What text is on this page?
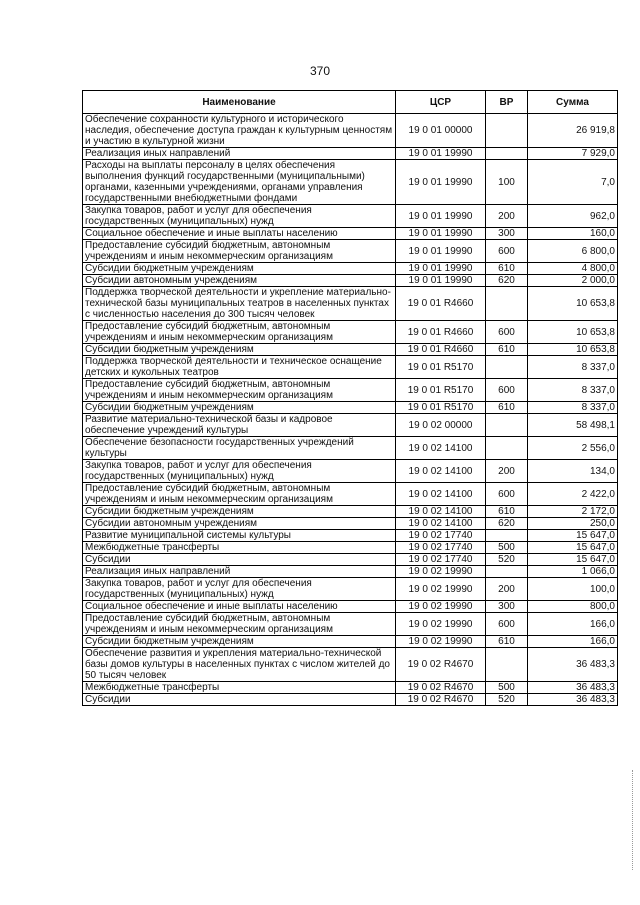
370
Наименование	ЦСР	ВР	Сумма
Обеспечение сохранности культурного и исторического наследия, обеспечение доступа граждан к культурным ценностям и участию в культурной жизни	19 0 01 00000		26 919,8
Реализация иных направлений	19 0 01 19990		7 929,0
Расходы на выплаты персоналу в целях обеспечения выполнения функций государственными (муниципальными) органами, казенными учреждениями, органами управления государственными внебюджетными фондами	19 0 01 19990	100	7,0
Закупка товаров, работ и услуг для обеспечения государственных (муниципальных) нужд	19 0 01 19990	200	962,0
Социальное обеспечение и иные выплаты населению	19 0 01 19990	300	160,0
Предоставление субсидий бюджетным, автономным учреждениям и иным некоммерческим организациям	19 0 01 19990	600	6 800,0
Субсидии бюджетным учреждениям	19 0 01 19990	610	4 800,0
Субсидии автономным учреждениям	19 0 01 19990	620	2 000,0
Поддержка творческой деятельности и укрепление материально-технической базы муниципальных театров в населенных пунктах с численностью населения до 300 тысяч человек	19 0 01 R4660		10 653,8
Предоставление субсидий бюджетным, автономным учреждениям и иным некоммерческим организациям	19 0 01 R4660	600	10 653,8
Субсидии бюджетным учреждениям	19 0 01 R4660	610	10 653,8
Поддержка творческой деятельности и техническое оснащение детских и кукольных театров	19 0 01 R5170		8 337,0
Предоставление субсидий бюджетным, автономным учреждениям и иным некоммерческим организациям	19 0 01 R5170	600	8 337,0
Субсидии бюджетным учреждениям	19 0 01 R5170	610	8 337,0
Развитие материально-технической базы и кадровое обеспечение учреждений культуры	19 0 02 00000		58 498,1
Обеспечение безопасности государственных учреждений культуры	19 0 02 14100		2 556,0
Закупка товаров, работ и услуг для обеспечения государственных (муниципальных) нужд	19 0 02 14100	200	134,0
Предоставление субсидий бюджетным, автономным учреждениям и иным некоммерческим организациям	19 0 02 14100	600	2 422,0
Субсидии бюджетным учреждениям	19 0 02 14100	610	2 172,0
Субсидии автономным учреждениям	19 0 02 14100	620	250,0
Развитие муниципальной системы культуры	19 0 02 17740		15 647,0
Межбюджетные трансферты	19 0 02 17740	500	15 647,0
Субсидии	19 0 02 17740	520	15 647,0
Реализация иных направлений	19 0 02 19990		1 066,0
Закупка товаров, работ и услуг для обеспечения государственных (муниципальных) нужд	19 0 02 19990	200	100,0
Социальное обеспечение и иные выплаты населению	19 0 02 19990	300	800,0
Предоставление субсидий бюджетным, автономным учреждениям и иным некоммерческим организациям	19 0 02 19990	600	166,0
Субсидии бюджетным учреждениям	19 0 02 19990	610	166,0
Обеспечение развития и укрепления материально-технической базы домов культуры в населенных пунктах с числом жителей до 50 тысяч человек	19 0 02 R4670		36 483,3
Межбюджетные трансферты	19 0 02 R4670	500	36 483,3
Субсидии	19 0 02 R4670	520	36 483,3
